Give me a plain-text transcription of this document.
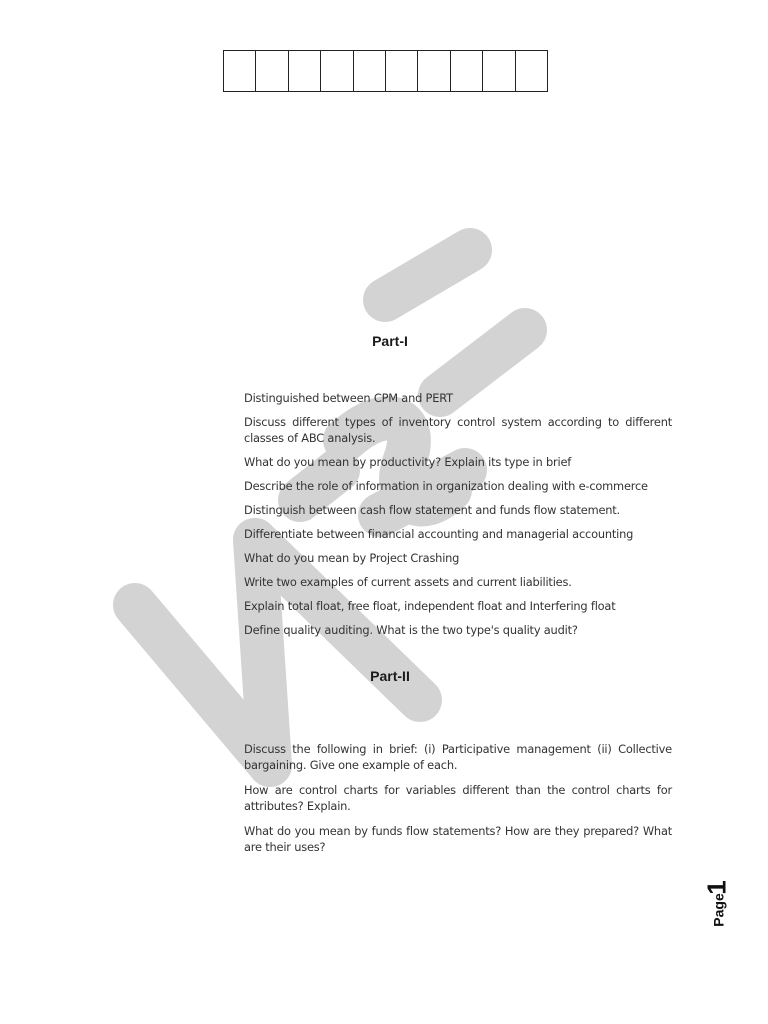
Part-I
Distinguished between CPM and PERT
Discuss different types of inventory control system according to different classes of ABC analysis.
What do you mean by productivity? Explain its type in brief
Describe the role of information in organization dealing with e-commerce
Distinguish between cash flow statement and funds flow statement.
Differentiate between financial accounting and managerial accounting
What do you mean by Project Crashing
Write two examples of current assets and current liabilities.
Explain total float, free float, independent float and Interfering float
Define quality auditing. What is the two type's quality audit?
Part-II
Discuss the following in brief: (i) Participative management (ii) Collective bargaining. Give one example of each.
How are control charts for variables different than the control charts for attributes? Explain.
What do you mean by funds flow statements? How are they prepared? What are their uses?
Page
1
